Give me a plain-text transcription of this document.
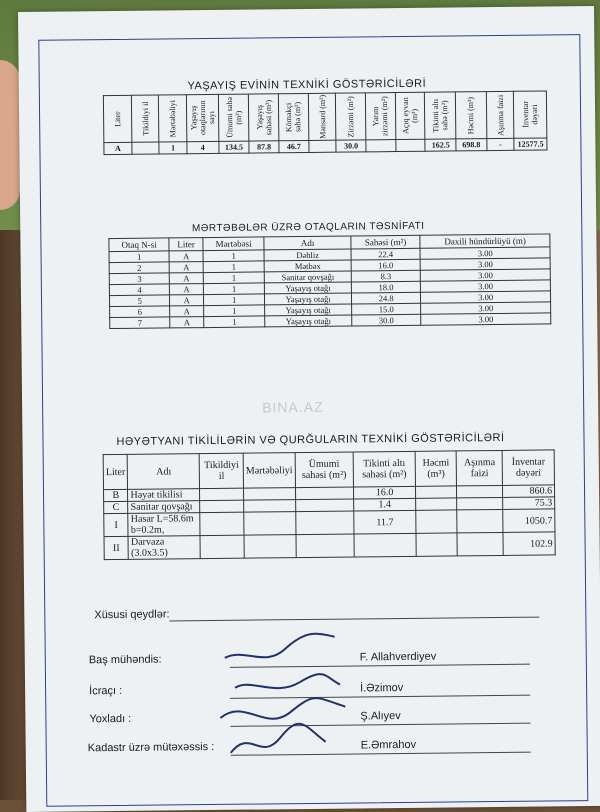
YAŞAYIŞ EVİNİN TEXNİKİ GÖSTƏRİCİLƏRİ
Liter	Tikildiyi il	Mərtəbəliyi	Yaşayış otaqlarının sayı	Ümumi sahə (m²)	Yaşayış sahəsi (m²)	Köməkçi sahə (m²)	Mansard (m²)	Zirzəmi (m²)	Yarım zirzəmi (m²)	Açıq eyvan (m²)	Tikinti altı sahə (m²)	Həcmi (m³)	Aşınma faizi	İnventar dəyəri

A		1	4	134.5	87.8	46.7		30.0			162.5	698.8	-	12577.5
MƏRTƏBƏLƏR ÜZRƏ OTAQLARIN TƏSNİFATI
Otaq N-si	Liter	Mərtəbəsi	Adı	Sahəsi (m²)	Daxili hündürlüyü (m)
1	A	1	Dəhliz	22.4	3.00
2	A	1	Mətbəx	16.0	3.00
3	A	1	Sanitar qovşağı	8.3	3.00
4	A	1	Yaşayış otağı	18.0	3.00
5	A	1	Yaşayış otağı	24.8	3.00
6	A	1	Yaşayış otağı	15.0	3.00
7	A	1	Yaşayış otağı	30.0	3.00
HƏYƏTYANI TİKİLİLƏRİN VƏ QURĞULARIN TEXNİKİ GÖSTƏRİCİLƏRİ
Liter	Adı	Tikildiyi il	Mərtəbəliyi	Ümumi sahəsi (m²)	Tikinti altı sahəsi (m²)	Həcmi (m³)	Aşınma faizi	İnventar dəyəri
B	Həyət tikilisi				16.0			860.6
C	Sanitar qovşağı				1.4			75.3
I	Hasar L=58.6m b=0.2m,				11.7			1050.7
II	Darvaza (3.0x3.5)							102.9
BINA.AZ
Xüsusi qeydlər:
Baş mühəndis:	F. Allahverdiyev
İcraçı :	İ.Əzimov
Yoxladı :	Ş.Alıyev
Kadastr üzrə mütəxəssis :	E.Əmrahov
